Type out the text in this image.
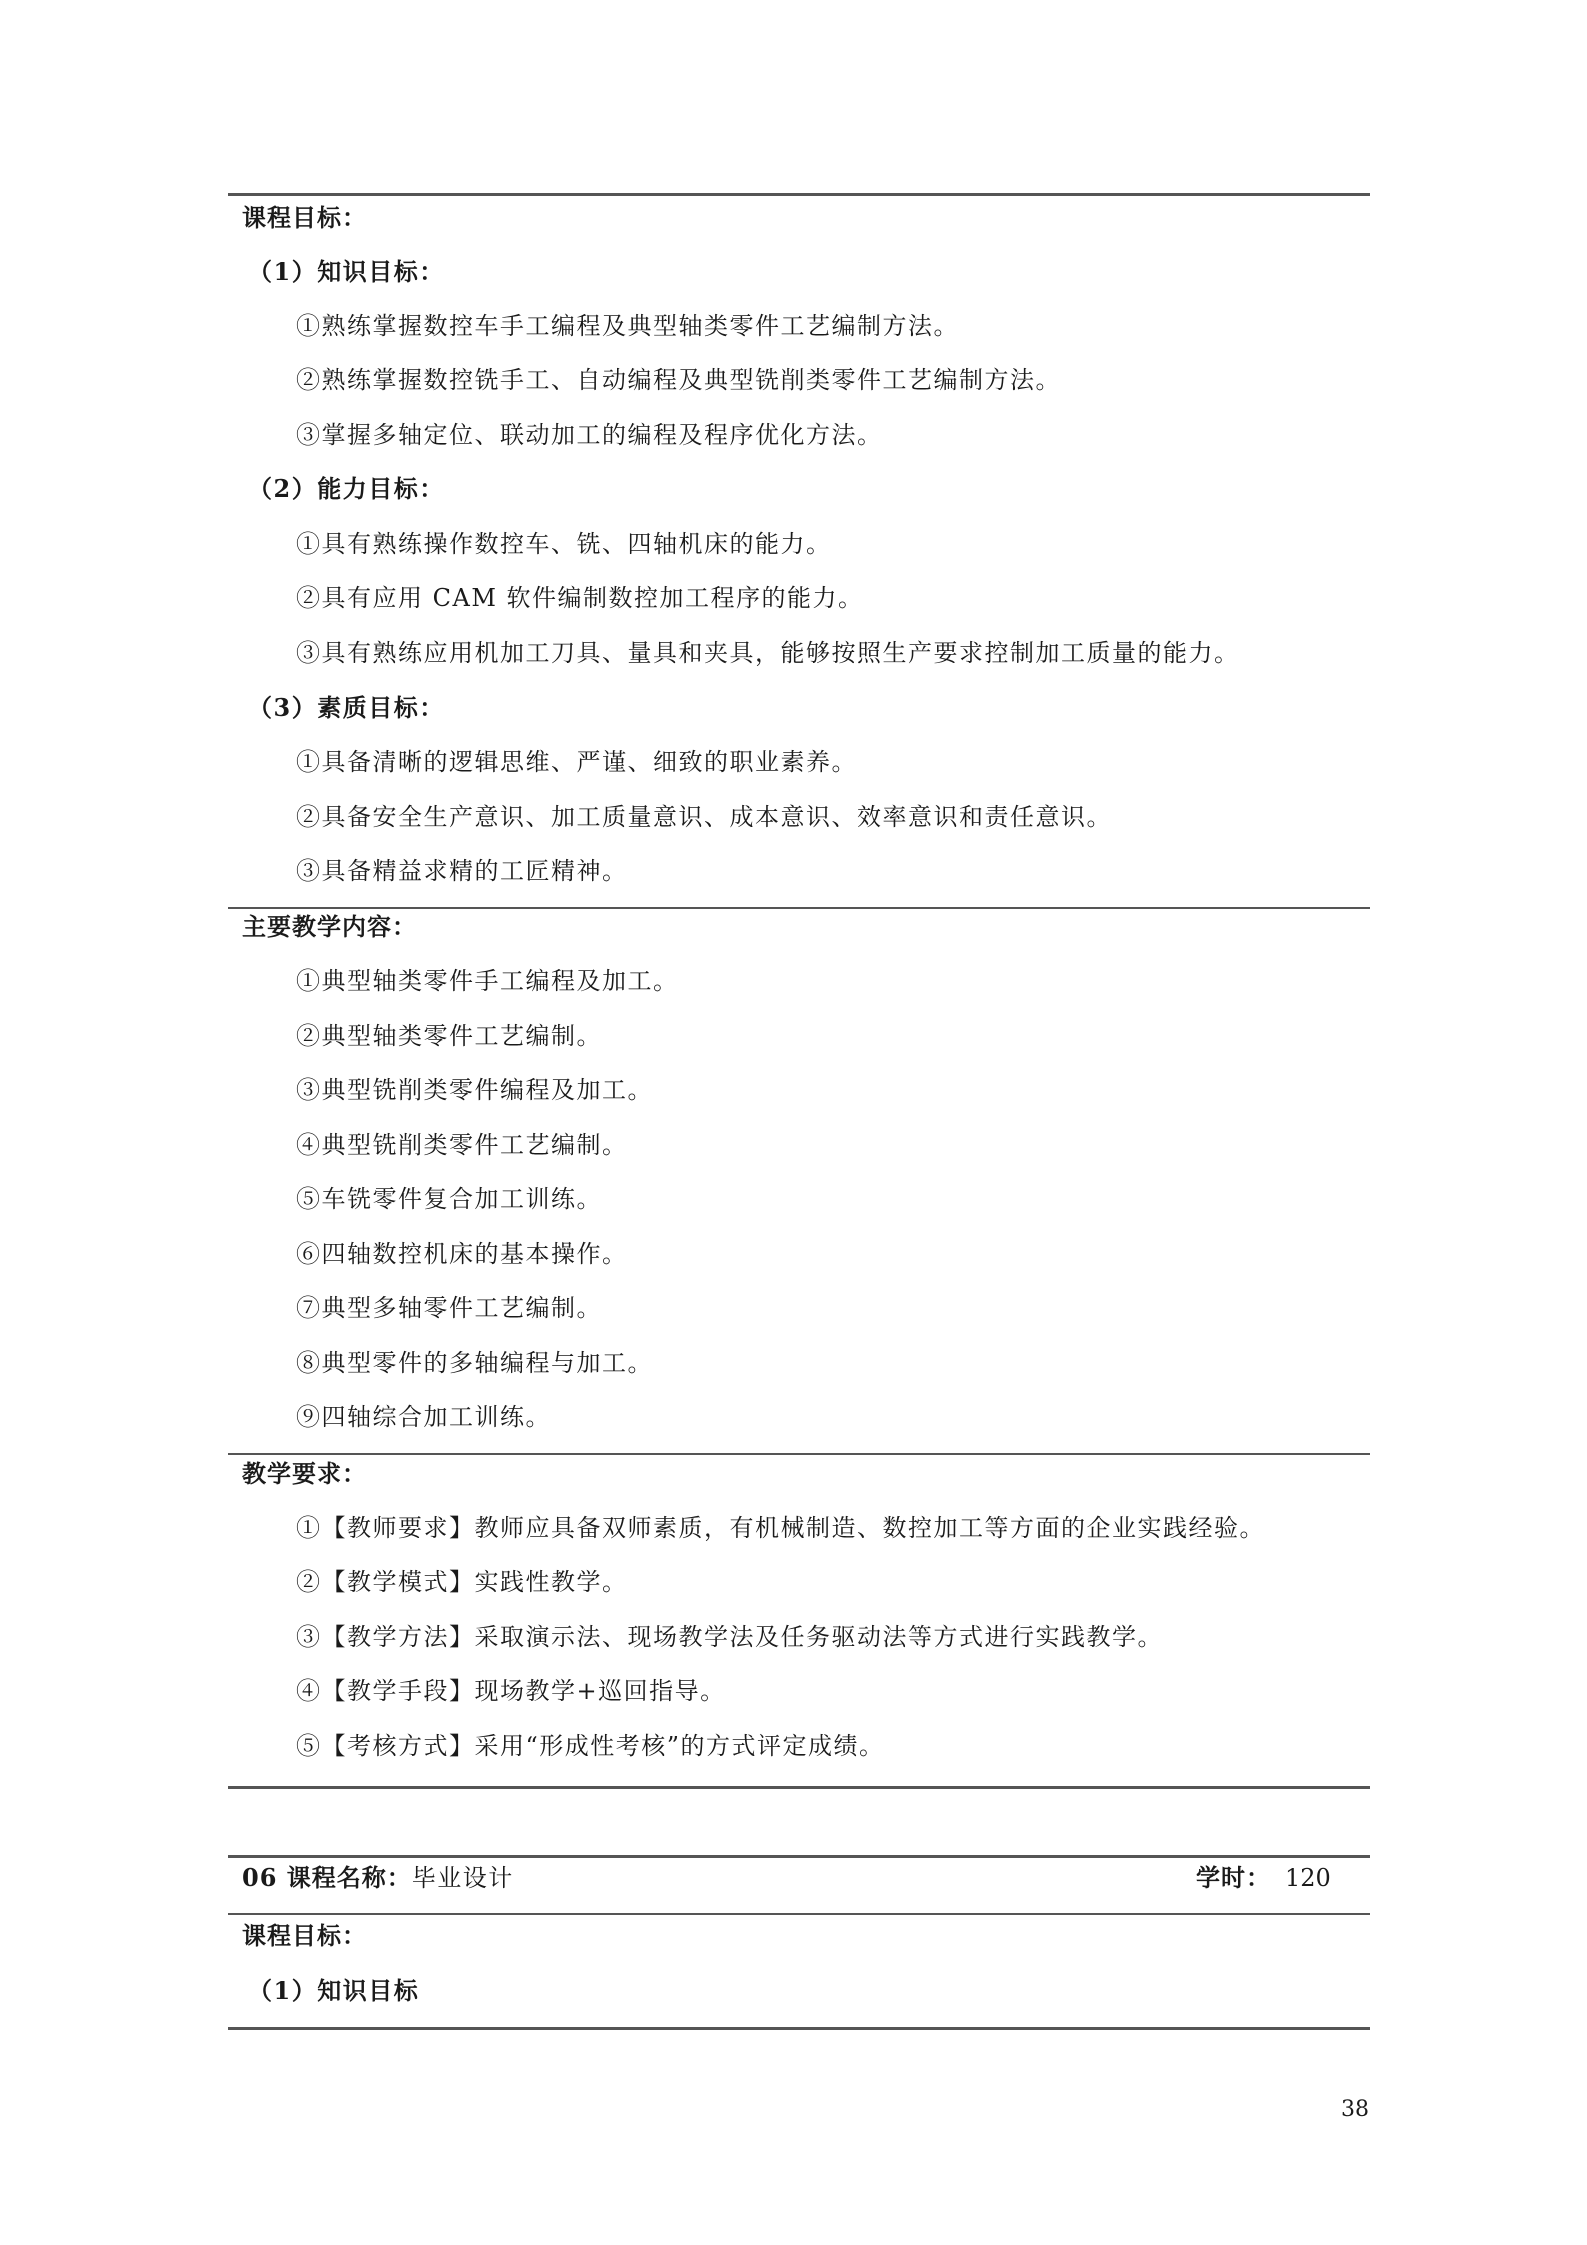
课程目标：
（1）知识目标：
①熟练掌握数控车手工编程及典型轴类零件工艺编制方法。
②熟练掌握数控铣手工、自动编程及典型铣削类零件工艺编制方法。
③掌握多轴定位、联动加工的编程及程序优化方法。
（2）能力目标：
①具有熟练操作数控车、铣、四轴机床的能力。
②具有应用 CAM 软件编制数控加工程序的能力。
③具有熟练应用机加工刀具、量具和夹具，能够按照生产要求控制加工质量的能力。
（3）素质目标：
①具备清晰的逻辑思维、严谨、细致的职业素养。
②具备安全生产意识、加工质量意识、成本意识、效率意识和责任意识。
③具备精益求精的工匠精神。
主要教学内容：
①典型轴类零件手工编程及加工。
②典型轴类零件工艺编制。
③典型铣削类零件编程及加工。
④典型铣削类零件工艺编制。
⑤车铣零件复合加工训练。
⑥四轴数控机床的基本操作。
⑦典型多轴零件工艺编制。
⑧典型零件的多轴编程与加工。
⑨四轴综合加工训练。
教学要求：
①【教师要求】教师应具备双师素质，有机械制造、数控加工等方面的企业实践经验。
②【教学模式】实践性教学。
③【教学方法】采取演示法、现场教学法及任务驱动法等方式进行实践教学。
④【教学手段】现场教学+巡回指导。
⑤【考核方式】采用“形成性考核”的方式评定成绩。
06 课程名称：毕业设计	学时： 120
课程目标：
（1）知识目标
38
